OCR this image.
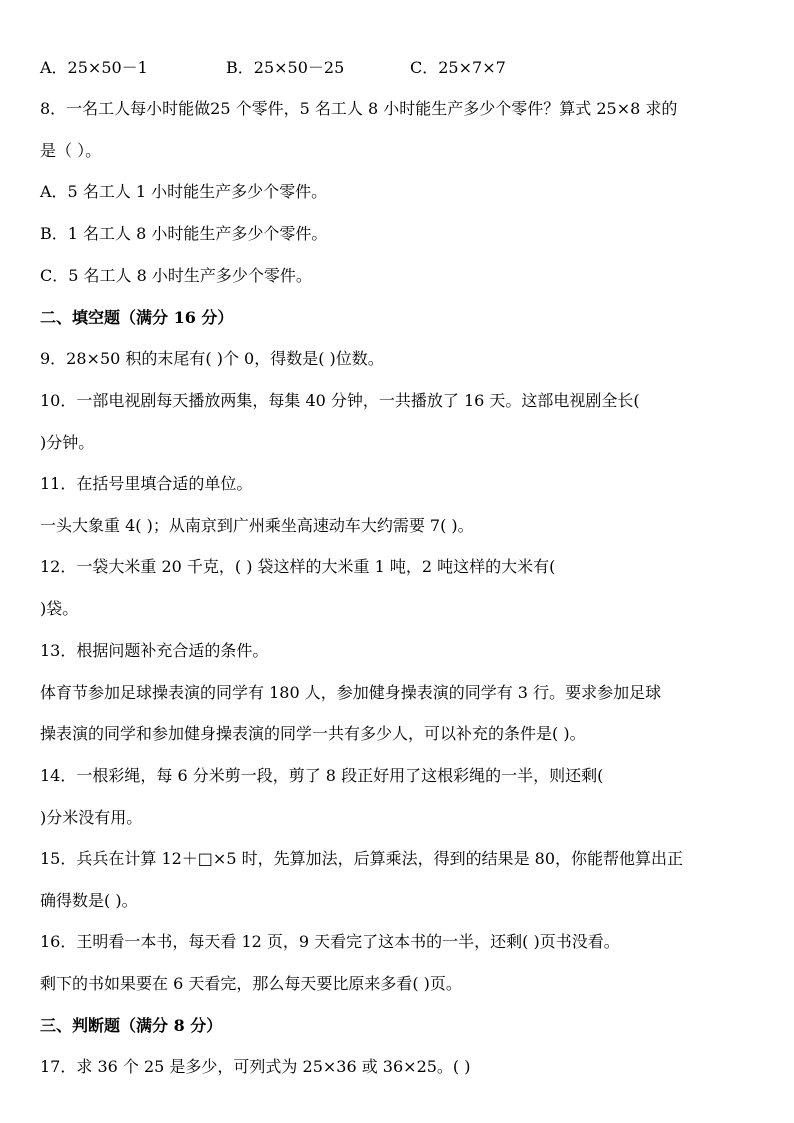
A．25×50－1	B．25×50－25	C．25×7×7
8．一名工人每小时能做25 个零件，5 名工人 8 小时能生产多少个零件？算式 25×8 求的
是（ ）。
A．5 名工人 1 小时能生产多少个零件。
B．1 名工人 8 小时能生产多少个零件。
C．5 名工人 8 小时生产多少个零件。
二、填空题（满分 16 分）
9．28×50 积的末尾有( )个 0，得数是( )位数。
10．一部电视剧每天播放两集，每集 40 分钟，一共播放了 16 天。这部电视剧全长(
)分钟。
11．在括号里填合适的单位。
一头大象重 4( )；从南京到广州乘坐高速动车大约需要 7( )。
12．一袋大米重 20 千克，( ) 袋这样的大米重 1 吨，2 吨这样的大米有(
)袋。
13．根据问题补充合适的条件。
体育节参加足球操表演的同学有 180 人，参加健身操表演的同学有 3 行。要求参加足球
操表演的同学和参加健身操表演的同学一共有多少人，可以补充的条件是( )。
14．一根彩绳，每 6 分米剪一段，剪了 8 段正好用了这根彩绳的一半，则还剩(
)分米没有用。
15．兵兵在计算 12＋□×5 时，先算加法，后算乘法，得到的结果是 80，你能帮他算出正
确得数是( )。
16．王明看一本书，每天看 12 页，9 天看完了这本书的一半，还剩( )页书没看。
剩下的书如果要在 6 天看完，那么每天要比原来多看( )页。
三、判断题（满分 8 分）
17．求 36 个 25 是多少，可列式为 25×36 或 36×25。( )
